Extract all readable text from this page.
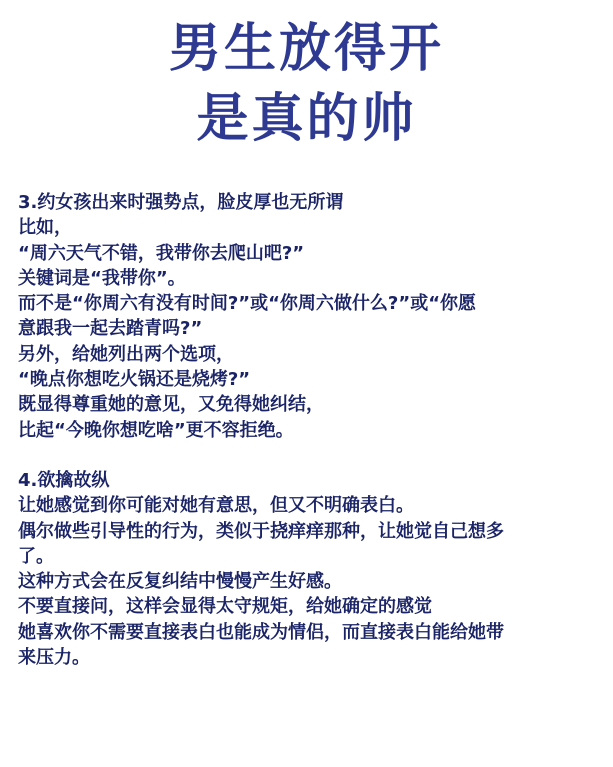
男生放得开
是真的帅
3.约女孩出来时强势点，脸皮厚也无所谓
比如，
“周六天气不错，我带你去爬山吧?”
关键词是“我带你”。
而不是“你周六有没有时间?”或“你周六做什么?”或“你愿
意跟我一起去踏青吗?”
另外，给她列出两个选项，
“晚点你想吃火锅还是烧烤?”
既显得尊重她的意见，又免得她纠结，
比起“今晚你想吃啥”更不容拒绝。
4.欲擒故纵
让她感觉到你可能对她有意思，但又不明确表白。
偶尔做些引导性的行为，类似于挠痒痒那种，让她觉自己想多
了。
这种方式会在反复纠结中慢慢产生好感。
不要直接问，这样会显得太守规矩，给她确定的感觉
她喜欢你不需要直接表白也能成为情侣，而直接表白能给她带
来压力。
